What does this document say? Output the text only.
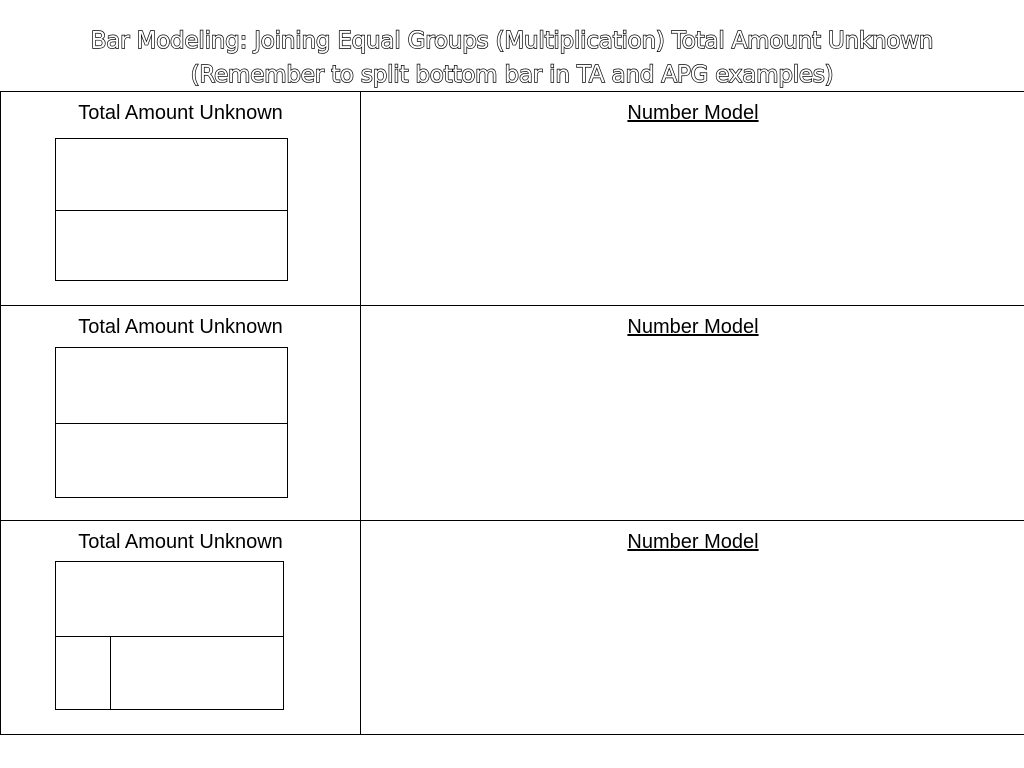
Bar Modeling: Joining Equal Groups (Multiplication) Total Amount Unknown
(Remember to split bottom bar in TA and APG examples)
Total Amount Unknown	Number Model

Total Amount Unknown	Number Model

Total Amount Unknown	Number Model
